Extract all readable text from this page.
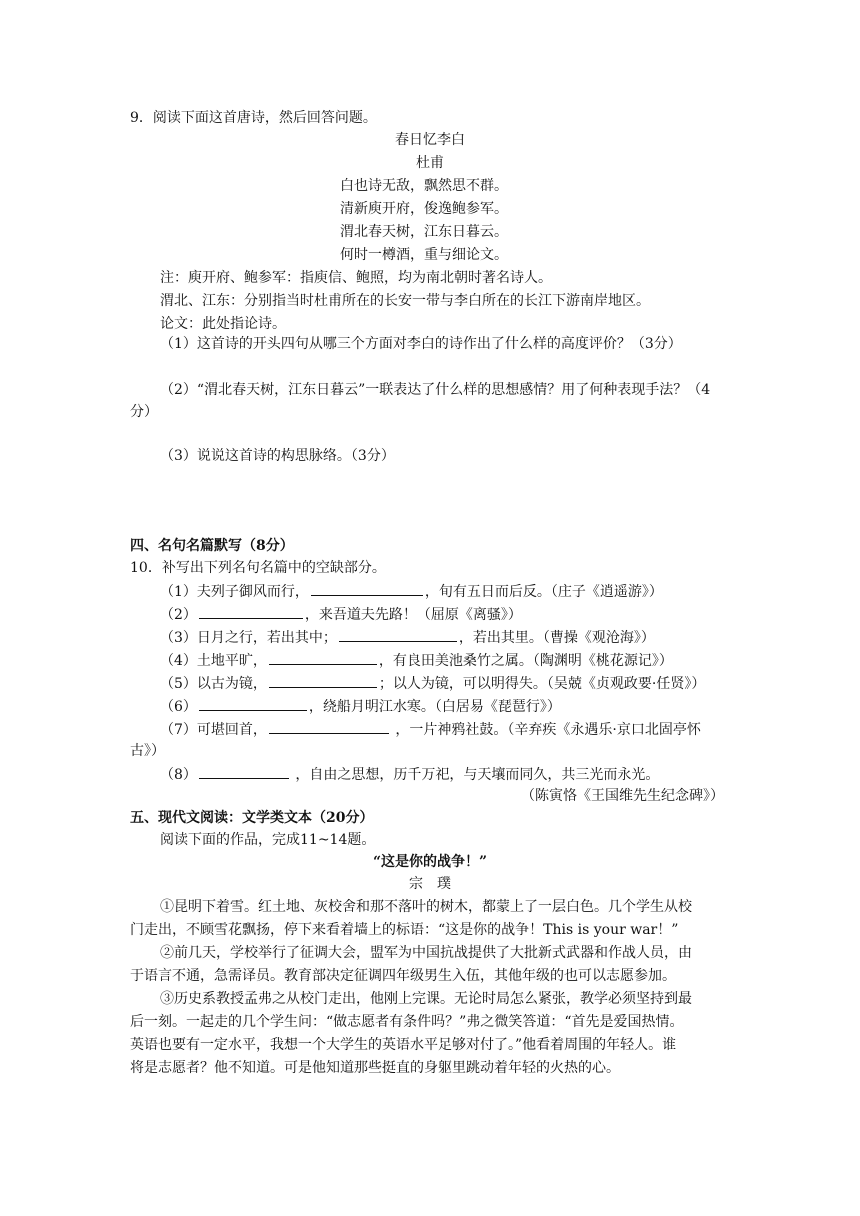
9．阅读下面这首唐诗，然后回答问题。
春日忆李白
杜甫
白也诗无敌，飘然思不群。
清新庾开府，俊逸鲍参军。
渭北春天树，江东日暮云。
何时一樽酒，重与细论文。
注：庾开府、鲍参军：指庾信、鲍照，均为南北朝时著名诗人。
渭北、江东：分别指当时杜甫所在的长安一带与李白所在的长江下游南岸地区。
论文：此处指论诗。
（1）这首诗的开头四句从哪三个方面对李白的诗作出了什么样的高度评价？（3分）
（2）“渭北春天树，江东日暮云”一联表达了什么样的思想感情？用了何种表现手法？（4
分）
（3）说说这首诗的构思脉络。（3分）
四、名句名篇默写（8分）
10．补写出下列名句名篇中的空缺部分。
（1）夫列子御风而行，	，旬有五日而后反。（庄子《逍遥游》）
（2）	，来吾道夫先路！（屈原《离骚》）
（3）日月之行，若出其中；	，若出其里。（曹操《观沧海》）
（4）土地平旷，	，有良田美池桑竹之属。（陶渊明《桃花源记》）
（5）以古为镜，	；以人为镜，可以明得失。（吴兢《贞观政要·任贤》）
（6）	，绕船月明江水寒。（白居易《琵琶行》）
（7）可堪回首，	，一片神鸦社鼓。（辛弃疾《永遇乐·京口北固亭怀
古》）
（8）	，自由之思想，历千万祀，与天壤而同久，共三光而永光。
（陈寅恪《王国维先生纪念碑》）
五、现代文阅读：文学类文本（20分）
阅读下面的作品，完成11~14题。
“这是你的战争！”
宗　璞
①昆明下着雪。红土地、灰校舍和那不落叶的树木，都蒙上了一层白色。几个学生从校
门走出，不顾雪花飘扬，停下来看着墙上的标语：“这是你的战争！This is your war！”
②前几天，学校举行了征调大会，盟军为中国抗战提供了大批新式武器和作战人员，由
于语言不通，急需译员。教育部决定征调四年级男生入伍，其他年级的也可以志愿参加。
③历史系教授孟弗之从校门走出，他刚上完课。无论时局怎么紧张，教学必须坚持到最
后一刻。一起走的几个学生问：“做志愿者有条件吗？”弗之微笑答道：“首先是爱国热情。
英语也要有一定水平，我想一个大学生的英语水平足够对付了。”他看着周围的年轻人。谁
将是志愿者？他不知道。可是他知道那些挺直的身躯里跳动着年轻的火热的心。
